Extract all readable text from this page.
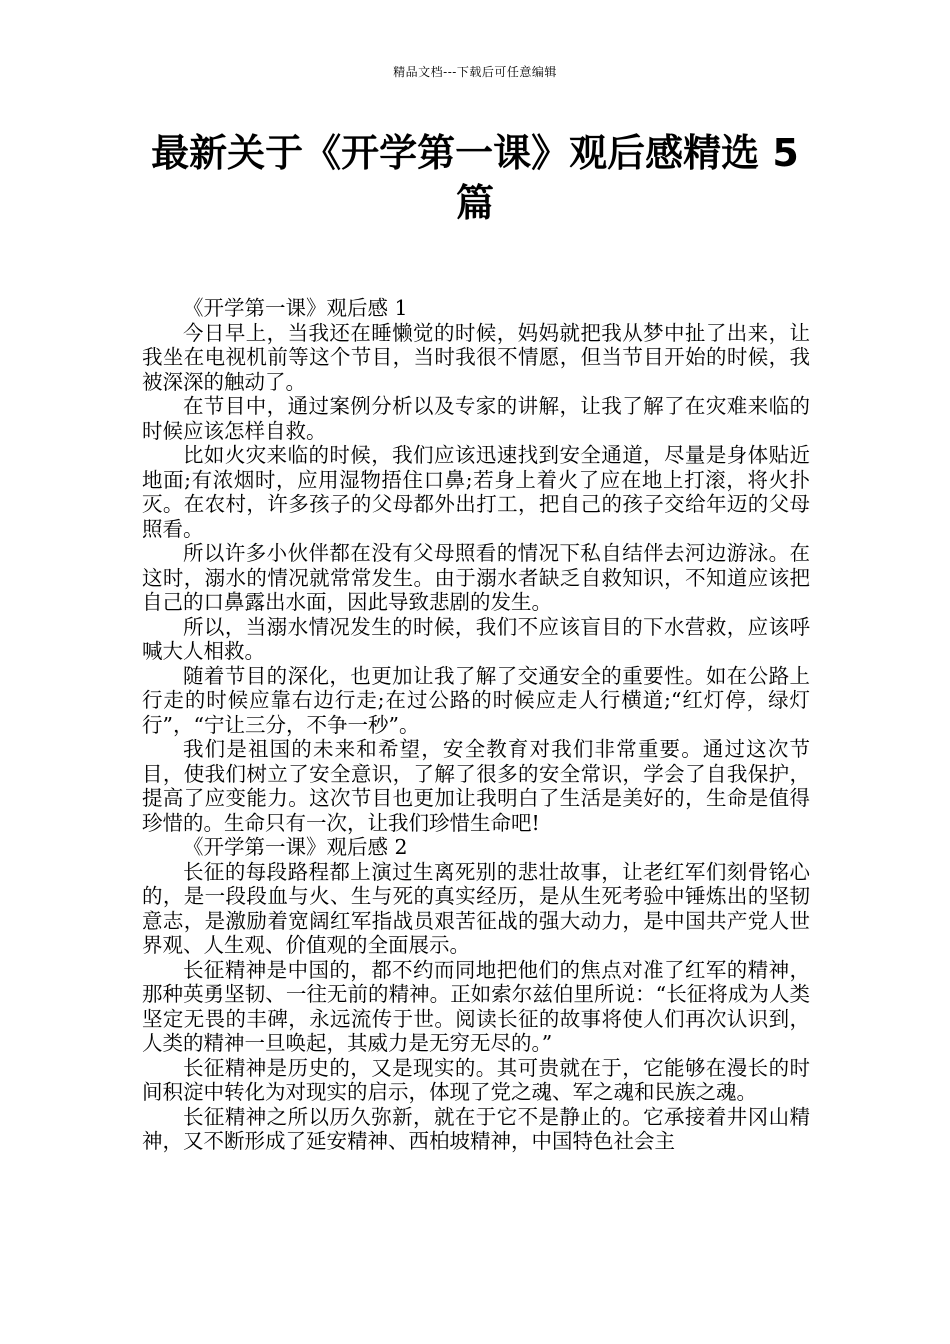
精品文档---下载后可任意编辑
最新关于《开学第一课》观后感精选 5 篇

《开学第一课》观后感 1

今日早上，当我还在睡懒觉的时候，妈妈就把我从梦中扯了出来，让我坐在电视机前等这个节目，当时我很不情愿，但当节目开始的时候，我被深深的触动了。

在节目中，通过案例分析以及专家的讲解，让我了解了在灾难来临的时候应该怎样自救。

比如火灾来临的时候，我们应该迅速找到安全通道，尽量是身体贴近地面;有浓烟时，应用湿物捂住口鼻;若身上着火了应在地上打滚，将火扑灭。在农村，许多孩子的父母都外出打工，把自己的孩子交给年迈的父母照看。

所以许多小伙伴都在没有父母照看的情况下私自结伴去河边游泳。在这时，溺水的情况就常常发生。由于溺水者缺乏自救知识，不知道应该把自己的口鼻露出水面，因此导致悲剧的发生。

所以，当溺水情况发生的时候，我们不应该盲目的下水营救，应该呼喊大人相救。

随着节目的深化，也更加让我了解了交通安全的重要性。如在公路上行走的时候应靠右边行走;在过公路的时候应走人行横道;“红灯停，绿灯行”，“宁让三分，不争一秒”。

我们是祖国的未来和希望，安全教育对我们非常重要。通过这次节目，使我们树立了安全意识，了解了很多的安全常识，学会了自我保护，提高了应变能力。这次节目也更加让我明白了生活是美好的，生命是值得珍惜的。生命只有一次，让我们珍惜生命吧!

《开学第一课》观后感 2

长征的每段路程都上演过生离死别的悲壮故事，让老红军们刻骨铭心的，是一段段血与火、生与死的真实经历，是从生死考验中锤炼出的坚韧意志，是激励着宽阔红军指战员艰苦征战的强大动力，是中国共产党人世界观、人生观、价值观的全面展示。

长征精神是中国的，都不约而同地把他们的焦点对准了红军的精神，那种英勇坚韧、一往无前的精神。正如索尔兹伯里所说：“长征将成为人类坚定无畏的丰碑，永远流传于世。阅读长征的故事将使人们再次认识到，人类的精神一旦唤起，其威力是无穷无尽的。”

长征精神是历史的，又是现实的。其可贵就在于，它能够在漫长的时间积淀中转化为对现实的启示，体现了党之魂、军之魂和民族之魂。

长征精神之所以历久弥新，就在于它不是静止的。它承接着井冈山精神，又不断形成了延安精神、西柏坡精神，中国特色社会主
